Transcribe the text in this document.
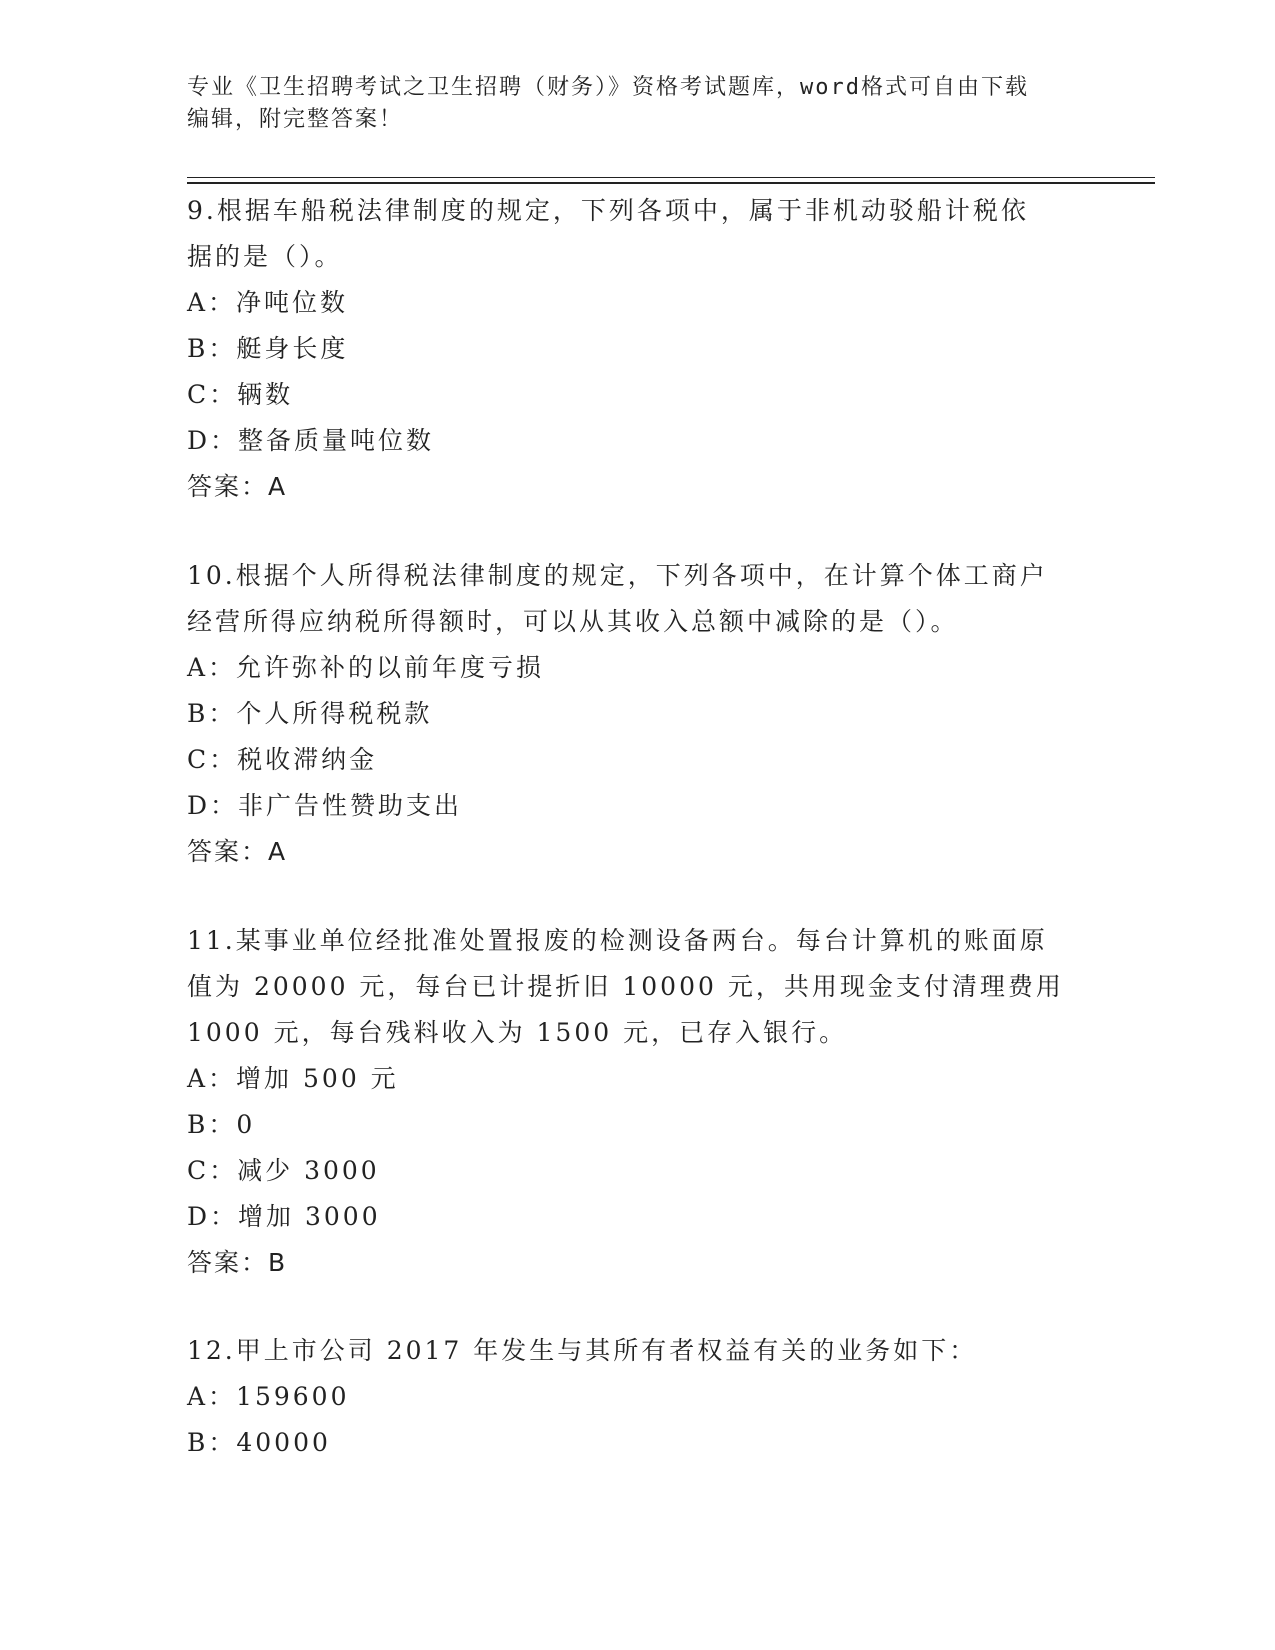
专业《卫生招聘考试之卫生招聘（财务）》资格考试题库，word格式可自由下载
编辑，附完整答案！
9.根据车船税法律制度的规定，下列各项中，属于非机动驳船计税依
据的是（）。
A：净吨位数
B：艇身长度
C：辆数
D：整备质量吨位数
答案：A
10.根据个人所得税法律制度的规定，下列各项中，在计算个体工商户
经营所得应纳税所得额时，可以从其收入总额中减除的是（）。
A：允许弥补的以前年度亏损
B：个人所得税税款
C：税收滞纳金
D：非广告性赞助支出
答案：A
11.某事业单位经批准处置报废的检测设备两台。每台计算机的账面原
值为 20000 元，每台已计提折旧 10000 元，共用现金支付清理费用
1000 元，每台残料收入为 1500 元，已存入银行。
A：增加 500 元
B：0
C：减少 3000
D：增加 3000
答案：B
12.甲上市公司 2017 年发生与其所有者权益有关的业务如下：
A：159600
B：40000
